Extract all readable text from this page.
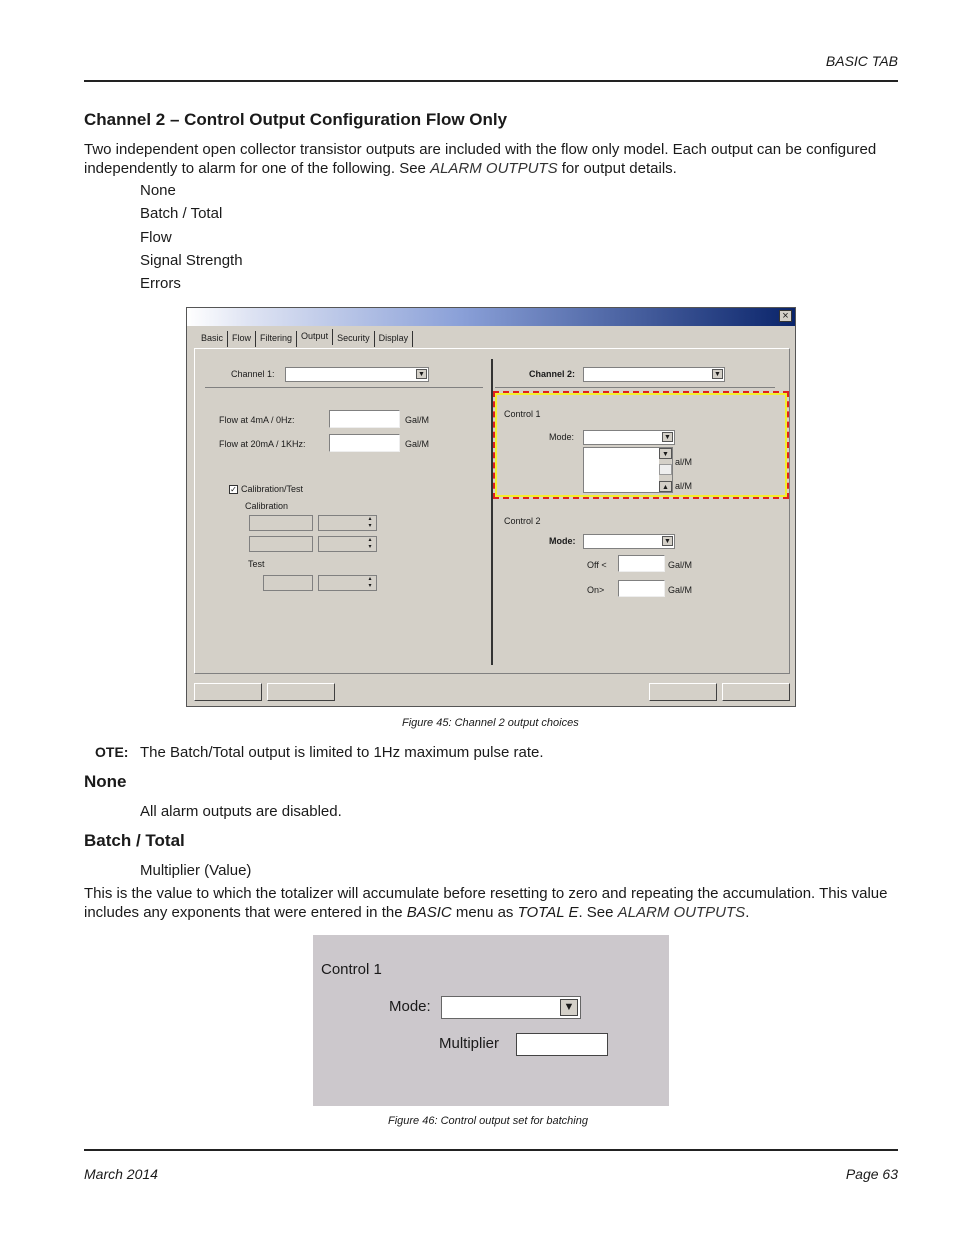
BASIC TAB
Channel 2 – Control Output Configuration Flow Only
Two independent open collector transistor outputs are included with the flow only model. Each output can be configured
independently to alarm for one of the following. See ALARM OUTPUTS for output details.
None
Batch / Total
Flow
Signal Strength
Errors
×
Basic	Flow	Filtering	Output	Security	Display
Channel 1:	▼
Flow at 4mA / 0Hz:	Gal/M
Flow at 20mA / 1KHz:	Gal/M
✓ Calibration/Test
Calibration
▴
▾
▴
▾
Test
▴
▾
Channel 2:	▼
Control 1
Mode:	▼
▼
▲
al/M
al/M
Control 2
Mode:	▼
Off <	Gal/M
On>	Gal/M
Figure 45: Channel 2 output choices
OTE: The Batch/Total output is limited to 1Hz maximum pulse rate.
None
All alarm outputs are disabled.
Batch / Total
Multiplier (Value)
This is the value to which the totalizer will accumulate before resetting to zero and repeating the accumulation. This value
includes any exponents that were entered in the BASIC menu as TOTAL E. See ALARM OUTPUTS.
Control 1
Mode:	▼
Multiplier
Figure 46: Control output set for batching
March 2014	Page 63
